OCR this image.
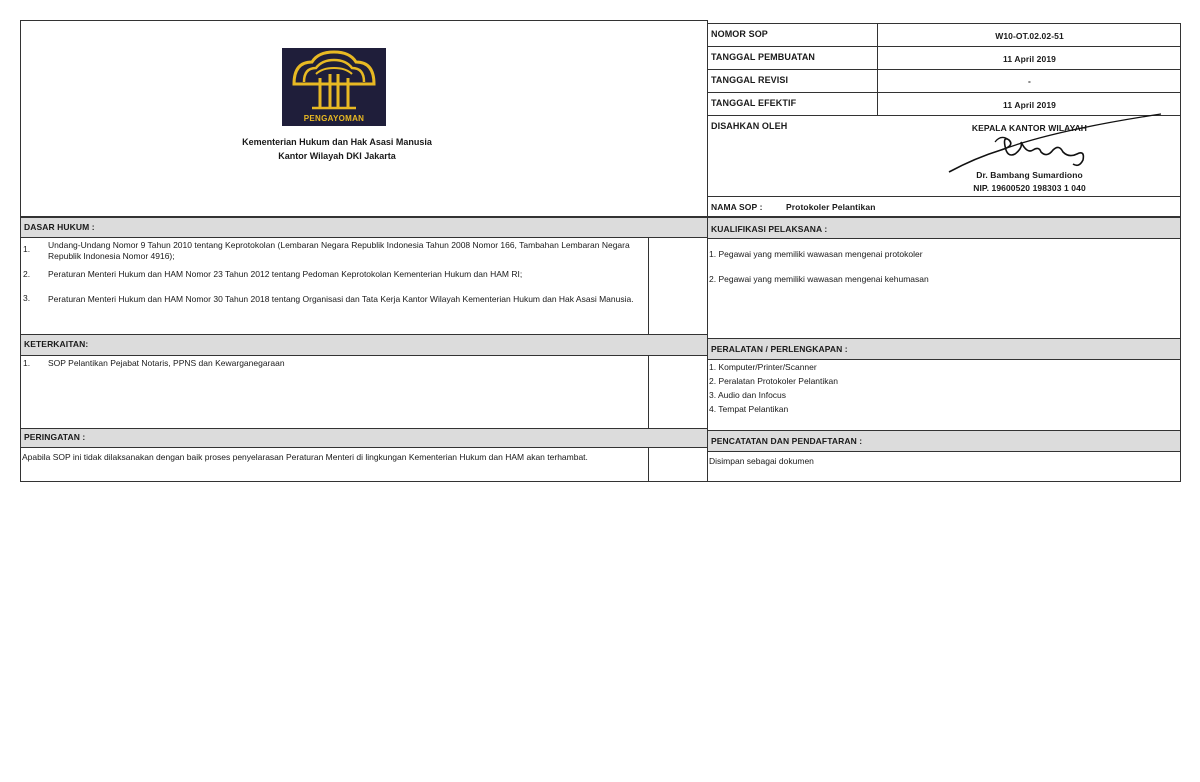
PENGAYOMAN
Kementerian Hukum dan Hak Asasi Manusia
Kantor Wilayah DKI Jakarta
NOMOR SOP	W10-OT.02.02-51
TANGGAL PEMBUATAN	11 April 2019
TANGGAL REVISI	-
TANGGAL EFEKTIF	11 April 2019
DISAHKAN OLEH	KEPALA KANTOR WILAYAH
Dr. Bambang Sumardiono
NIP. 19600520 198303 1 040
NAMA SOP :	Protokoler Pelantikan
DASAR HUKUM :
1. Undang-Undang Nomor 9 Tahun 2010 tentang Keprotokolan (Lembaran Negara Republik Indonesia Tahun 2008 Nomor 166, Tambahan Lembaran Negara Republik Indonesia Nomor 4916);
2. Peraturan Menteri Hukum dan HAM Nomor 23 Tahun 2012 tentang Pedoman Keprotokolan Kementerian Hukum dan HAM RI;
3. Peraturan Menteri Hukum dan HAM Nomor 30 Tahun 2018 tentang Organisasi dan Tata Kerja Kantor Wilayah Kementerian Hukum dan Hak Asasi Manusia.
KUALIFIKASI PELAKSANA :
1. Pegawai yang memiliki wawasan mengenai protokoler
2. Pegawai yang memiliki wawasan mengenai kehumasan
KETERKAITAN:
1. SOP Pelantikan Pejabat Notaris, PPNS dan Kewarganegaraan
PERALATAN / PERLENGKAPAN :
1. Komputer/Printer/Scanner
2. Peralatan Protokoler Pelantikan
3. Audio dan Infocus
4. Tempat Pelantikan
PERINGATAN :
Apabila SOP ini tidak dilaksanakan dengan baik proses penyelarasan Peraturan Menteri di lingkungan Kementerian Hukum dan HAM akan terhambat.
PENCATATAN DAN PENDAFTARAN :
Disimpan sebagai dokumen
